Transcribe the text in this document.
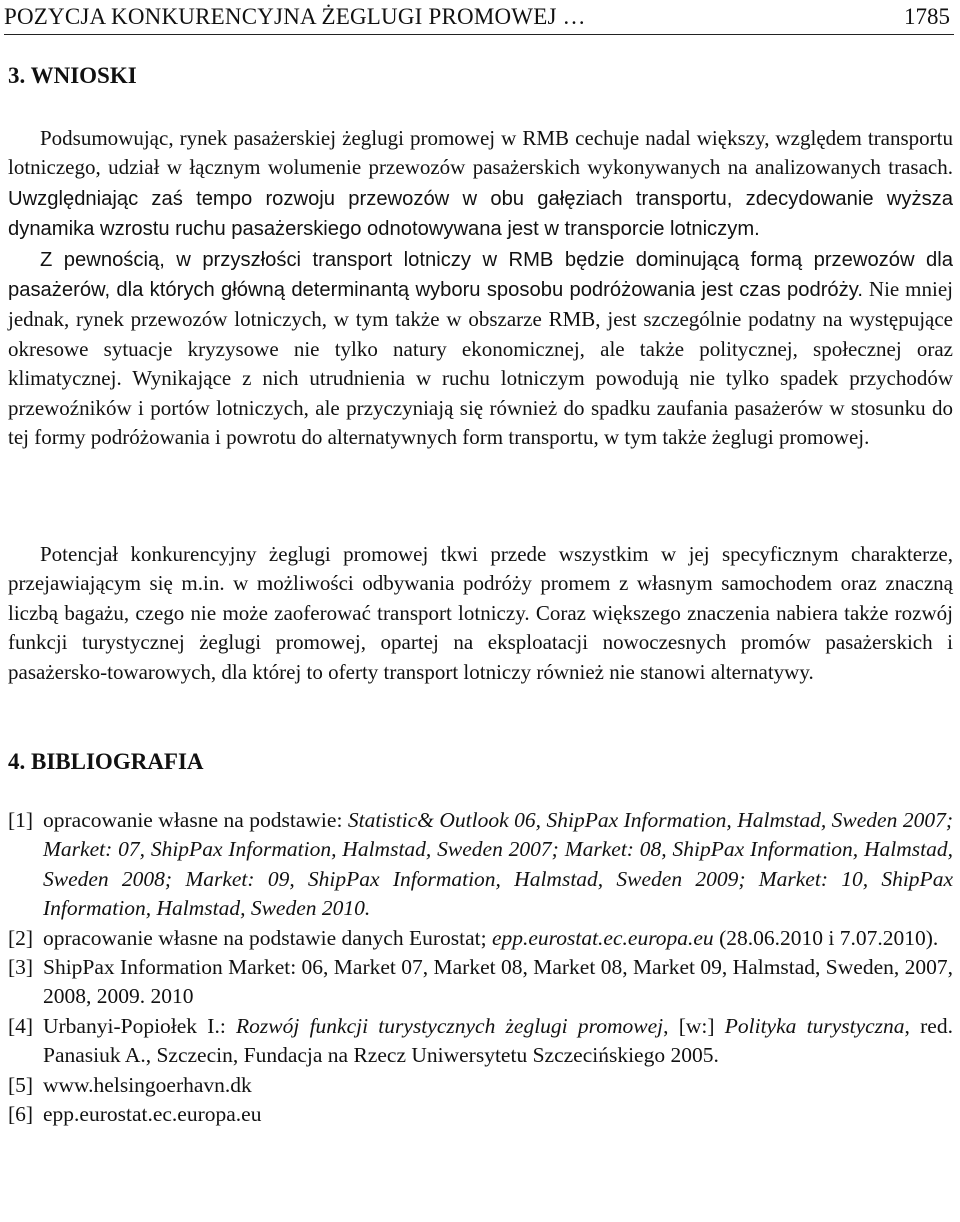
POZYCJA KONKURENCYJNA ŻEGLUGI PROMOWEJ …	1785
3. WNIOSKI

Podsumowując, rynek pasażerskiej żeglugi promowej w RMB cechuje nadal większy, względem transportu lotniczego, udział w łącznym wolumenie przewozów pasażerskich wykonywanych na analizowanych trasach. Uwzględniając zaś tempo rozwoju przewozów w obu gałęziach transportu, zdecydowanie wyższa dynamika wzrostu ruchu pasażerskiego odnotowywana jest w transporcie lotniczym.

Z pewnością, w przyszłości transport lotniczy w RMB będzie dominującą formą przewozów dla pasażerów, dla których główną determinantą wyboru sposobu podróżowania jest czas podróży. Nie mniej jednak, rynek przewozów lotniczych, w tym także w obszarze RMB, jest szczególnie podatny na występujące okresowe sytuacje kryzysowe nie tylko natury ekonomicznej, ale także politycznej, społecznej oraz klimatycznej. Wynikające z nich utrudnienia w ruchu lotniczym powodują nie tylko spadek przychodów przewoźników i portów lotniczych, ale przyczyniają się również do spadku zaufania pasażerów w stosunku do tej formy podróżowania i powrotu do alternatywnych form transportu, w tym także żeglugi promowej.

Potencjał konkurencyjny żeglugi promowej tkwi przede wszystkim w jej specyficznym charakterze, przejawiającym się m.in. w możliwości odbywania podróży promem z własnym samochodem oraz znaczną liczbą bagażu, czego nie może zaoferować transport lotniczy. Coraz większego znaczenia nabiera także rozwój funkcji turystycznej żeglugi promowej, opartej na eksploatacji nowoczesnych promów pasażerskich i pasażersko-towarowych, dla której to oferty transport lotniczy również nie stanowi alternatywy.

4. BIBLIOGRAFIA
[1] opracowanie własne na podstawie: Statistic& Outlook 06, ShipPax Information, Halmstad, Sweden 2007; Market: 07, ShipPax Information, Halmstad, Sweden 2007; Market: 08, ShipPax Information, Halmstad, Sweden 2008; Market: 09, ShipPax Information, Halmstad, Sweden 2009; Market: 10, ShipPax Information, Halmstad, Sweden 2010.
[2] opracowanie własne na podstawie danych Eurostat; epp.eurostat.ec.europa.eu (28.06.2010 i 7.07.2010).
[3] ShipPax Information Market: 06, Market 07, Market 08, Market 08, Market 09, Halmstad, Sweden, 2007, 2008, 2009. 2010
[4] Urbanyi-Popiołek I.: Rozwój funkcji turystycznych żeglugi promowej, [w:] Polityka turystyczna, red. Panasiuk A., Szczecin, Fundacja na Rzecz Uniwersytetu Szczecińskiego 2005.
[5] www.helsingoerhavn.dk
[6] epp.eurostat.ec.europa.eu
